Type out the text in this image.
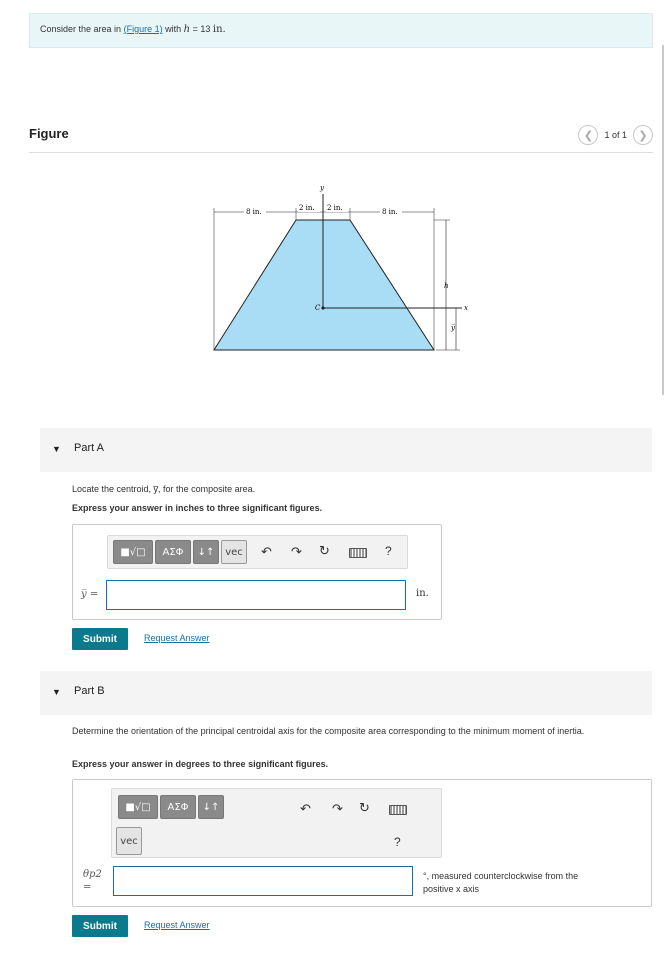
Consider the area in (Figure 1) with h = 13 in.
Figure	❮	1 of 1	❯
y
x
C
8 in.	2 in. 2 in.	8 in.
h
y̅
▼ Part A
Locate the centroid, y̅, for the composite area.
Express your answer in inches to three significant figures.
■√□	ΑΣΦ	↓↑	vec	↶ ↷ ↻	?
y̅ =	in.
Submit	Request Answer
▼ Part B
Determine the orientation of the principal centroidal axis for the composite area corresponding to the minimum moment of inertia.
Express your answer in degrees to three significant figures.
■√□	ΑΣΦ	↓↑
vec
↶ ↷ ↻
?
θp2
=
°, measured counterclockwise from the
positive x axis
Submit	Request Answer
